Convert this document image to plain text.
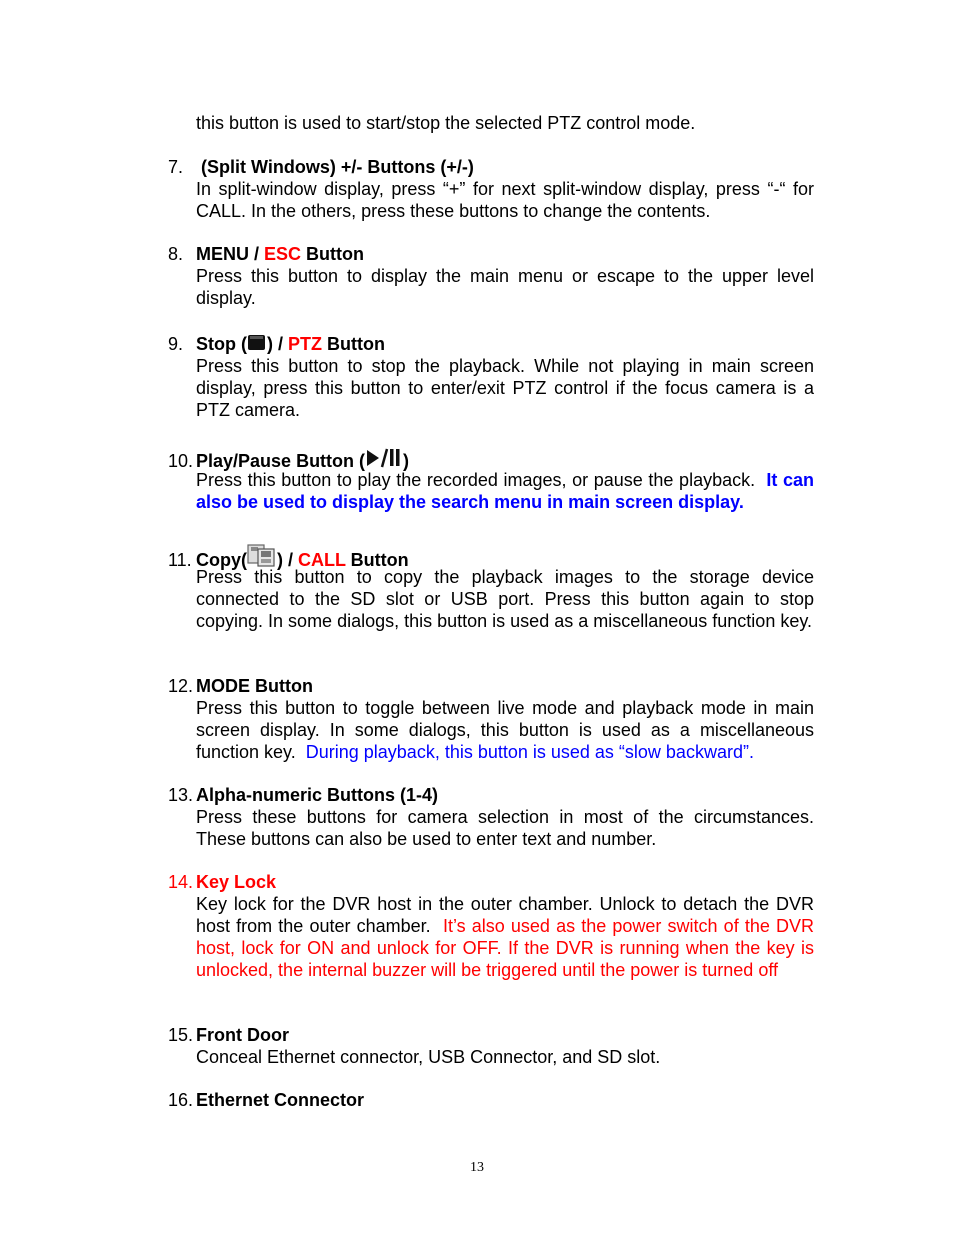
this button is used to start/stop the selected PTZ control mode.

7. (Split Windows) +/- Buttons (+/-)
In split-window display, press “+” for next split-window display, press “-“ for CALL. In the others, press these buttons to change the contents.
8. MENU / ESC Button
Press this button to display the main menu or escape to the upper level display.
9. Stop ( ) / PTZ Button
Press this button to stop the playback. While not playing in main screen display, press this button to enter/exit PTZ control if the focus camera is a PTZ camera.
10. Play/Pause Button ( )
Press this button to play the recorded images, or pause the playback. It can also be used to display the search menu in main screen display.
11. Copy( ) / CALL Button
Press this button to copy the playback images to the storage device connected to the SD slot or USB port. Press this button again to stop copying. In some dialogs, this button is used as a miscellaneous function key.
12. MODE Button
Press this button to toggle between live mode and playback mode in main screen display. In some dialogs, this button is used as a miscellaneous function key. During playback, this button is used as “slow backward”.
13. Alpha-numeric Buttons (1-4)
Press these buttons for camera selection in most of the circumstances. These buttons can also be used to enter text and number.
14. Key Lock
Key lock for the DVR host in the outer chamber. Unlock to detach the DVR host from the outer chamber. It’s also used as the power switch of the DVR host, lock for ON and unlock for OFF. If the DVR is running when the key is unlocked, the internal buzzer will be triggered until the power is turned off
15. Front Door
Conceal Ethernet connector, USB Connector, and SD slot.
16. Ethernet Connector
13
